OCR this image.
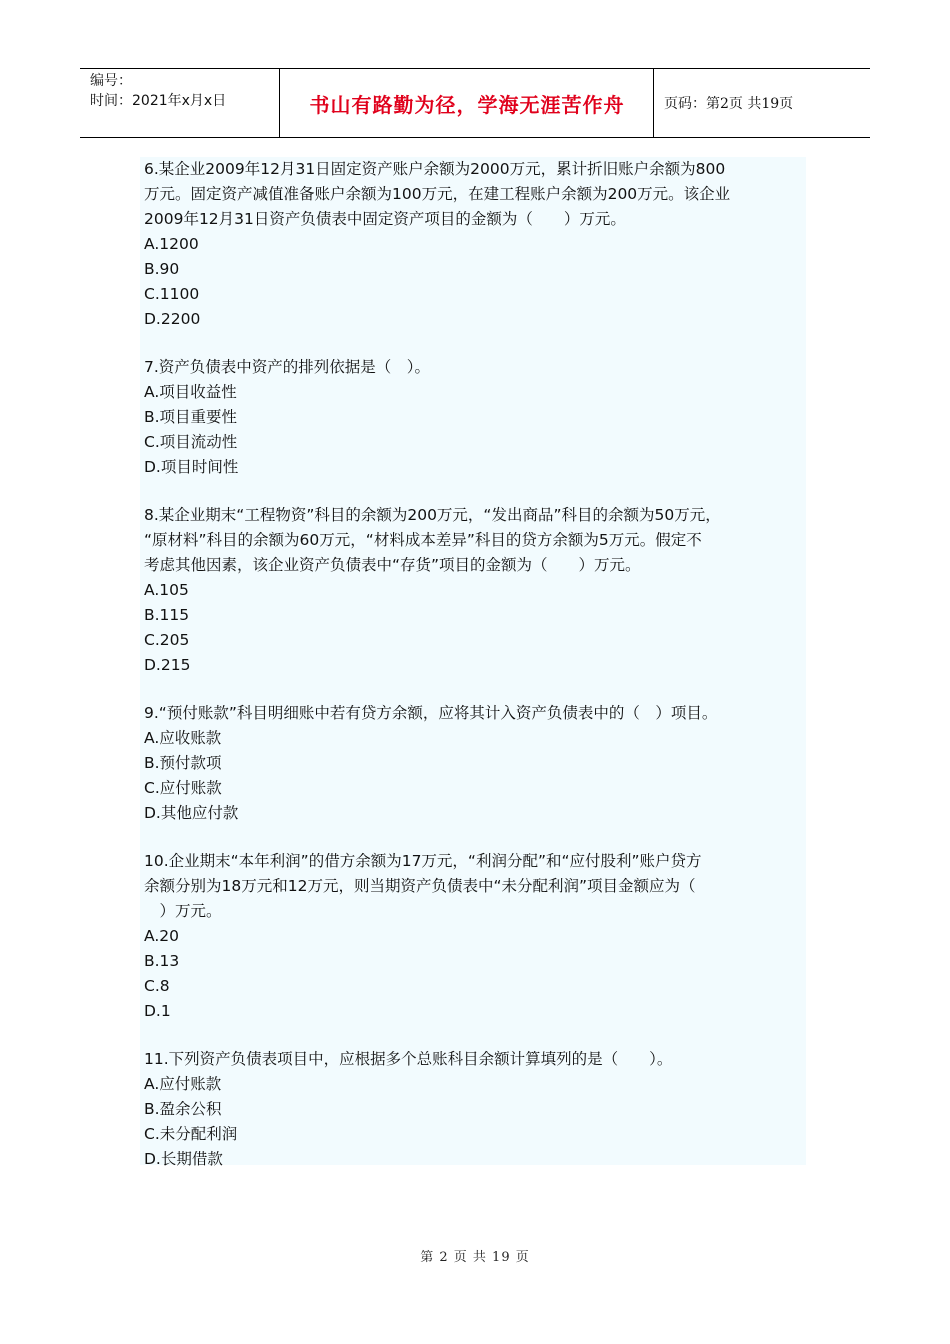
编号：
时间：2021年x月x日	书山有路勤为径，学海无涯苦作舟	页码：第2页 共19页

6.某企业2009年12月31日固定资产账户余额为2000万元，累计折旧账户余额为800

万元。固定资产减值准备账户余额为100万元，在建工程账户余额为200万元。该企业

2009年12月31日资产负债表中固定资产项目的金额为（　　）万元。

A.1200

B.90

C.1100

D.2200

7.资产负债表中资产的排列依据是（　）。

A.项目收益性

B.项目重要性

C.项目流动性

D.项目时间性

8.某企业期末“工程物资”科目的余额为200万元，“发出商品”科目的余额为50万元，

“原材料”科目的余额为60万元，“材料成本差异”科目的贷方余额为5万元。假定不

考虑其他因素，该企业资产负债表中“存货”项目的金额为（　　）万元。

A.105

B.115

C.205

D.215

9.“预付账款”科目明细账中若有贷方余额，应将其计入资产负债表中的（　）项目。

A.应收账款

B.预付款项

C.应付账款

D.其他应付款

10.企业期末“本年利润”的借方余额为17万元，“利润分配”和“应付股利”账户贷方

余额分别为18万元和12万元，则当期资产负债表中“未分配利润”项目金额应为（

　）万元。

A.20

B.13

C.8

D.1

11.下列资产负债表项目中，应根据多个总账科目余额计算填列的是（　　）。

A.应付账款

B.盈余公积

C.未分配利润

D.长期借款

第 2 页 共 19 页
